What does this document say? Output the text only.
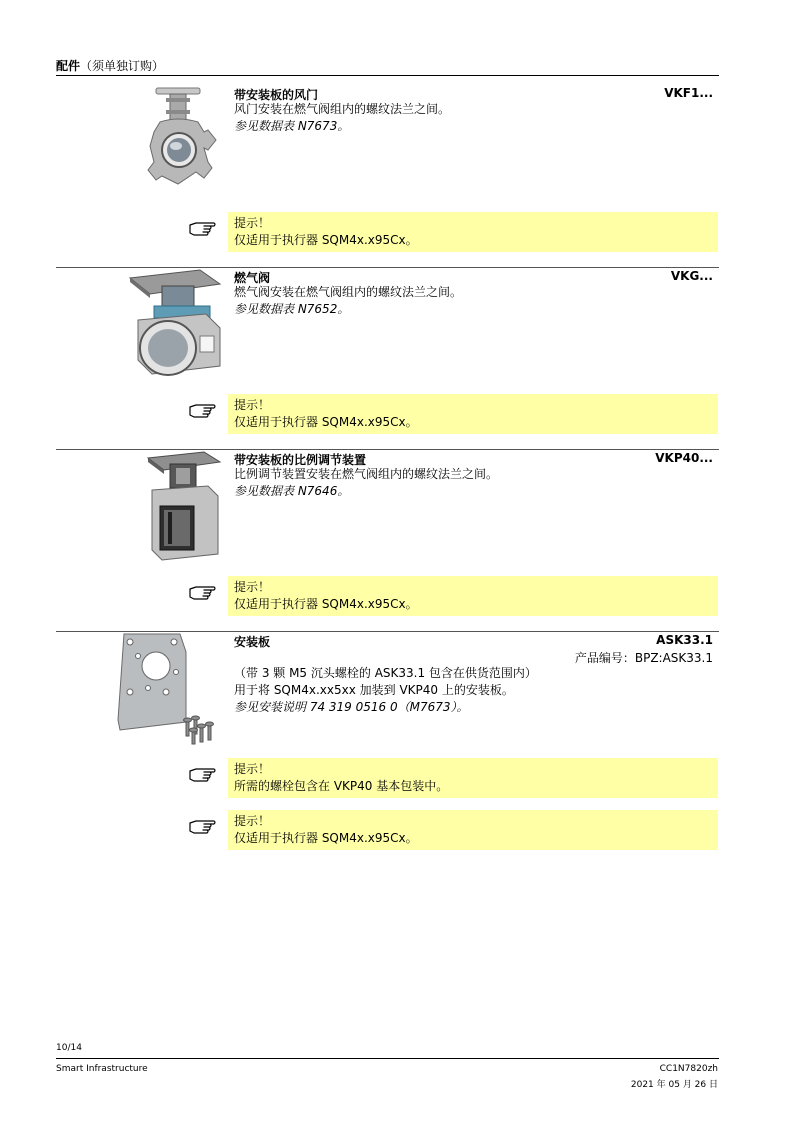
配件（须单独订购）
带安装板的风门	VKF1...
风门安装在燃气阀组内的螺纹法兰之间。
参见数据表 N7673。
提示！
仅适用于执行器 SQM4x.x95Cx。
燃气阀	VKG...
燃气阀安装在燃气阀组内的螺纹法兰之间。
参见数据表 N7652。
提示！
仅适用于执行器 SQM4x.x95Cx。
带安装板的比例调节装置	VKP40...
比例调节装置安装在燃气阀组内的螺纹法兰之间。
参见数据表 N7646。
提示！
仅适用于执行器 SQM4x.x95Cx。
安装板	ASK33.1
产品编号：BPZ:ASK33.1
（带 3 颗 M5 沉头螺栓的 ASK33.1 包含在供货范围内）
用于将 SQM4x.xx5xx 加装到 VKP40 上的安装板。
参见安装说明 74 319 0516 0（M7673）。
提示！
所需的螺栓包含在 VKP40 基本包装中。
提示！
仅适用于执行器 SQM4x.x95Cx。
10/14
Smart Infrastructure	CC1N7820zh
2021 年 05 月 26 日
